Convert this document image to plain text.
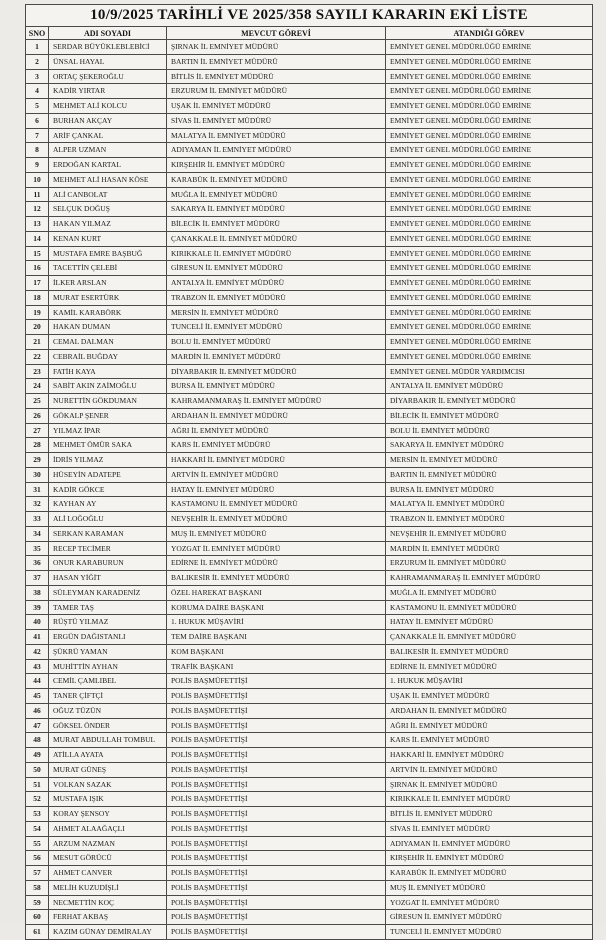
10/9/2025 TARİHLİ VE 2025/358 SAYILI KARARIN EKİ LİSTE			
SNO	ADI SOYADI	MEVCUT GÖREVİ	ATANDIĞI GÖREV
1	SERDAR BÜYÜKLEBLEBİCİ	ŞIRNAK İL EMNİYET MÜDÜRÜ	EMNİYET GENEL MÜDÜRLÜĞÜ EMRİNE
2	ÜNSAL HAYAL	BARTIN İL EMNİYET MÜDÜRÜ	EMNİYET GENEL MÜDÜRLÜĞÜ EMRİNE
3	ORTAÇ ŞEKEROĞLU	BİTLİS İL EMNİYET MÜDÜRÜ	EMNİYET GENEL MÜDÜRLÜĞÜ EMRİNE
4	KADİR YIRTAR	ERZURUM İL EMNİYET MÜDÜRÜ	EMNİYET GENEL MÜDÜRLÜĞÜ EMRİNE
5	MEHMET ALİ KOLCU	UŞAK İL EMNİYET MÜDÜRÜ	EMNİYET GENEL MÜDÜRLÜĞÜ EMRİNE
6	BURHAN AKÇAY	SİVAS İL EMNİYET MÜDÜRÜ	EMNİYET GENEL MÜDÜRLÜĞÜ EMRİNE
7	ARİF ÇANKAL	MALATYA İL EMNİYET MÜDÜRÜ	EMNİYET GENEL MÜDÜRLÜĞÜ EMRİNE
8	ALPER UZMAN	ADIYAMAN İL EMNİYET MÜDÜRÜ	EMNİYET GENEL MÜDÜRLÜĞÜ EMRİNE
9	ERDOĞAN KARTAL	KIRŞEHİR İL EMNİYET MÜDÜRÜ	EMNİYET GENEL MÜDÜRLÜĞÜ EMRİNE
10	MEHMET ALİ HASAN KÖSE	KARABÜK İL EMNİYET MÜDÜRÜ	EMNİYET GENEL MÜDÜRLÜĞÜ EMRİNE
11	ALİ CANBOLAT	MUĞLA İL EMNİYET MÜDÜRÜ	EMNİYET GENEL MÜDÜRLÜĞÜ EMRİNE
12	SELÇUK DOĞUŞ	SAKARYA İL EMNİYET MÜDÜRÜ	EMNİYET GENEL MÜDÜRLÜĞÜ EMRİNE
13	HAKAN YILMAZ	BİLECİK İL EMNİYET MÜDÜRÜ	EMNİYET GENEL MÜDÜRLÜĞÜ EMRİNE
14	KENAN KURT	ÇANAKKALE İL EMNİYET MÜDÜRÜ	EMNİYET GENEL MÜDÜRLÜĞÜ EMRİNE
15	MUSTAFA EMRE BAŞBUĞ	KIRIKKALE İL EMNİYET MÜDÜRÜ	EMNİYET GENEL MÜDÜRLÜĞÜ EMRİNE
16	TACETTİN ÇELEBİ	GİRESUN İL EMNİYET MÜDÜRÜ	EMNİYET GENEL MÜDÜRLÜĞÜ EMRİNE
17	İLKER ARSLAN	ANTALYA İL EMNİYET MÜDÜRÜ	EMNİYET GENEL MÜDÜRLÜĞÜ EMRİNE
18	MURAT ESERTÜRK	TRABZON İL EMNİYET MÜDÜRÜ	EMNİYET GENEL MÜDÜRLÜĞÜ EMRİNE
19	KAMİL KARABÖRK	MERSİN İL EMNİYET MÜDÜRÜ	EMNİYET GENEL MÜDÜRLÜĞÜ EMRİNE
20	HAKAN DUMAN	TUNCELİ İL EMNİYET MÜDÜRÜ	EMNİYET GENEL MÜDÜRLÜĞÜ EMRİNE
21	CEMAL DALMAN	BOLU İL EMNİYET MÜDÜRÜ	EMNİYET GENEL MÜDÜRLÜĞÜ EMRİNE
22	CEBRAİL BUĞDAY	MARDİN İL EMNİYET MÜDÜRÜ	EMNİYET GENEL MÜDÜRLÜĞÜ EMRİNE
23	FATİH KAYA	DİYARBAKIR İL EMNİYET MÜDÜRÜ	EMNİYET GENEL MÜDÜR YARDIMCISI
24	SABİT AKIN ZAİMOĞLU	BURSA İL EMNİYET MÜDÜRÜ	ANTALYA İL EMNİYET MÜDÜRÜ
25	NURETTİN GÖKDUMAN	KAHRAMANMARAŞ İL EMNİYET MÜDÜRÜ	DİYARBAKIR İL EMNİYET MÜDÜRÜ
26	GÖKALP ŞENER	ARDAHAN İL EMNİYET MÜDÜRÜ	BİLECİK İL EMNİYET MÜDÜRÜ
27	YILMAZ İPAR	AĞRI İL EMNİYET MÜDÜRÜ	BOLU İL EMNİYET MÜDÜRÜ
28	MEHMET ÖMÜR SAKA	KARS İL EMNİYET MÜDÜRÜ	SAKARYA İL EMNİYET MÜDÜRÜ
29	İDRİS YILMAZ	HAKKARİ İL EMNİYET MÜDÜRÜ	MERSİN İL EMNİYET MÜDÜRÜ
30	HÜSEYİN ADATEPE	ARTVİN İL EMNİYET MÜDÜRÜ	BARTIN İL EMNİYET MÜDÜRÜ
31	KADİR GÖKCE	HATAY İL EMNİYET MÜDÜRÜ	BURSA İL EMNİYET MÜDÜRÜ
32	KAYHAN AY	KASTAMONU İL EMNİYET MÜDÜRÜ	MALATYA İL EMNİYET MÜDÜRÜ
33	ALİ LOĞOĞLU	NEVŞEHİR İL EMNİYET MÜDÜRÜ	TRABZON İL EMNİYET MÜDÜRÜ
34	SERKAN KARAMAN	MUŞ İL EMNİYET MÜDÜRÜ	NEVŞEHİR İL EMNİYET MÜDÜRÜ
35	RECEP TECİMER	YOZGAT İL EMNİYET MÜDÜRÜ	MARDİN İL EMNİYET MÜDÜRÜ
36	ONUR KARABURUN	EDİRNE İL EMNİYET MÜDÜRÜ	ERZURUM İL EMNİYET MÜDÜRÜ
37	HASAN YİĞİT	BALIKESİR İL EMNİYET MÜDÜRÜ	KAHRAMANMARAŞ İL EMNİYET MÜDÜRÜ
38	SÜLEYMAN KARADENİZ	ÖZEL HAREKAT BAŞKANI	MUĞLA İL EMNİYET MÜDÜRÜ
39	TAMER TAŞ	KORUMA DAİRE BAŞKANI	KASTAMONU İL EMNİYET MÜDÜRÜ
40	RÜŞTÜ YILMAZ	1. HUKUK MÜŞAVİRİ	HATAY İL EMNİYET MÜDÜRÜ
41	ERGÜN DAĞISTANLI	TEM DAİRE BAŞKANI	ÇANAKKALE İL EMNİYET MÜDÜRÜ
42	ŞÜKRÜ YAMAN	KOM BAŞKANI	BALIKESİR İL EMNİYET MÜDÜRÜ
43	MUHİTTİN AYHAN	TRAFİK BAŞKANI	EDİRNE İL EMNİYET MÜDÜRÜ
44	CEMİL ÇAMLIBEL	POLİS BAŞMÜFETTİŞİ	1. HUKUK MÜŞAVİRİ
45	TANER ÇİFTÇİ	POLİS BAŞMÜFETTİŞİ	UŞAK İL EMNİYET MÜDÜRÜ
46	OĞUZ TÜZÜN	POLİS BAŞMÜFETTİŞİ	ARDAHAN İL EMNİYET MÜDÜRÜ
47	GÖKSEL ÖNDER	POLİS BAŞMÜFETTİŞİ	AĞRI İL EMNİYET MÜDÜRÜ
48	MURAT ABDULLAH TOMBUL	POLİS BAŞMÜFETTİŞİ	KARS İL EMNİYET MÜDÜRÜ
49	ATİLLA AYATA	POLİS BAŞMÜFETTİŞİ	HAKKARİ İL EMNİYET MÜDÜRÜ
50	MURAT GÜNEŞ	POLİS BAŞMÜFETTİŞİ	ARTVİN İL EMNİYET MÜDÜRÜ
51	VOLKAN SAZAK	POLİS BAŞMÜFETTİŞİ	ŞIRNAK İL EMNİYET MÜDÜRÜ
52	MUSTAFA IŞIK	POLİS BAŞMÜFETTİŞİ	KIRIKKALE İL EMNİYET MÜDÜRÜ
53	KORAY ŞENSOY	POLİS BAŞMÜFETTİŞİ	BİTLİS İL EMNİYET MÜDÜRÜ
54	AHMET ALAAĞAÇLI	POLİS BAŞMÜFETTİŞİ	SİVAS İL EMNİYET MÜDÜRÜ
55	ARZUM NAZMAN	POLİS BAŞMÜFETTİŞİ	ADIYAMAN İL EMNİYET MÜDÜRÜ
56	MESUT GÖRÜCÜ	POLİS BAŞMÜFETTİŞİ	KIRŞEHİR İL EMNİYET MÜDÜRÜ
57	AHMET CANVER	POLİS BAŞMÜFETTİŞİ	KARABÜK İL EMNİYET MÜDÜRÜ
58	MELİH KUZUDİŞLİ	POLİS BAŞMÜFETTİŞİ	MUŞ İL EMNİYET MÜDÜRÜ
59	NECMETTİN KOÇ	POLİS BAŞMÜFETTİŞİ	YOZGAT İL EMNİYET MÜDÜRÜ
60	FERHAT AKBAŞ	POLİS BAŞMÜFETTİŞİ	GİRESUN İL EMNİYET MÜDÜRÜ
61	KAZIM GÜNAY DEMİRALAY	POLİS BAŞMÜFETTİŞİ	TUNCELİ İL EMNİYET MÜDÜRÜ
